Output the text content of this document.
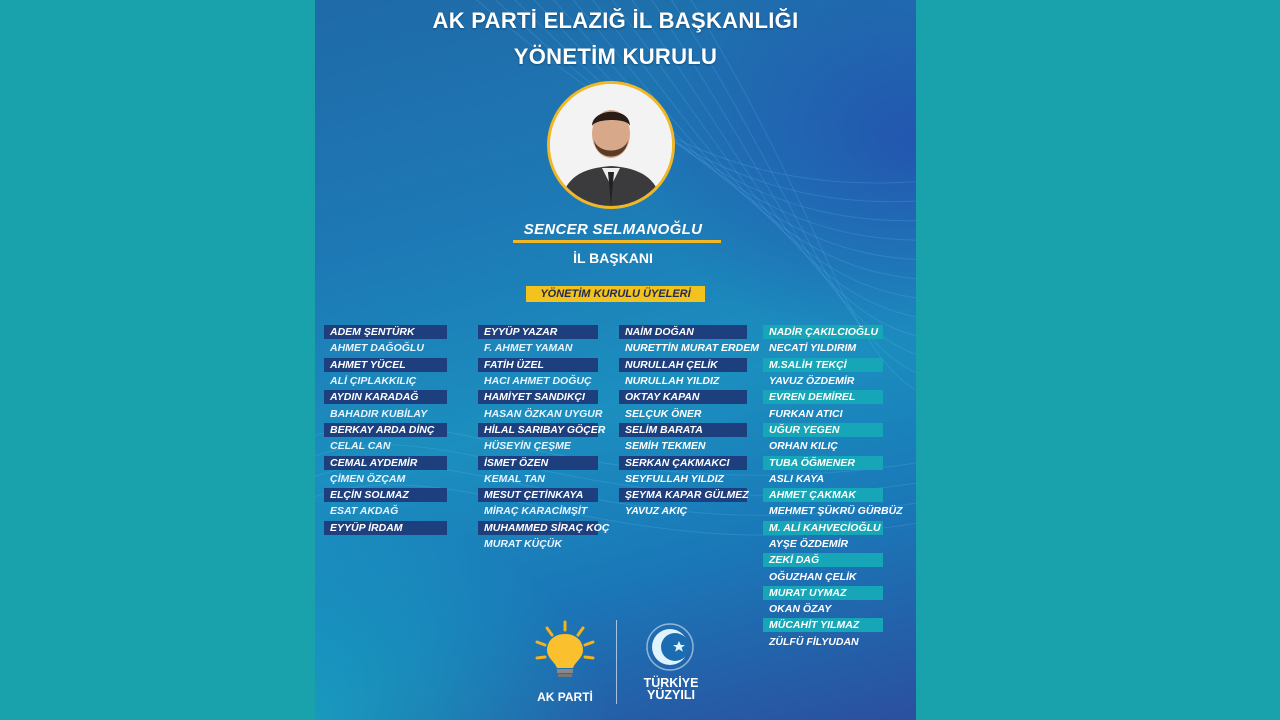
AK PARTİ ELAZIĞ İL BAŞKANLIĞI
YÖNETİM KURULU
SENCER SELMANOĞLU
İL BAŞKANI
YÖNETİM KURULU ÜYELERİ
ADEM ŞENTÜRK
AHMET DAĞOĞLU
AHMET YÜCEL
ALİ ÇIPLAKKILIÇ
AYDIN KARADAĞ
BAHADIR KUBİLAY
BERKAY ARDA DİNÇ
CELAL CAN
CEMAL AYDEMİR
ÇİMEN ÖZÇAM
ELÇİN SOLMAZ
ESAT AKDAĞ
EYYÜP İRDAM
EYYÜP YAZAR
F. AHMET YAMAN
FATİH ÜZEL
HACI AHMET DOĞUÇ
HAMİYET SANDIKÇI
HASAN ÖZKAN UYGUR
HİLAL SARIBAY GÖÇER
HÜSEYİN ÇEŞME
İSMET ÖZEN
KEMAL TAN
MESUT ÇETİNKAYA
MİRAÇ KARACİMŞİT
MUHAMMED SİRAÇ KOÇ
MURAT KÜÇÜK
NAİM DOĞAN
NURETTİN MURAT ERDEM
NURULLAH ÇELİK
NURULLAH YILDIZ
OKTAY KAPAN
SELÇUK ÖNER
SELİM BARATA
SEMİH TEKMEN
SERKAN ÇAKMAKCI
SEYFULLAH YILDIZ
ŞEYMA KAPAR GÜLMEZ
YAVUZ AKIÇ
NADİR ÇAKILCIOĞLU
NECATİ YILDIRIM
M.SALİH TEKÇİ
YAVUZ ÖZDEMİR
EVREN DEMİREL
FURKAN ATICI
UĞUR YEGEN
ORHAN KILIÇ
TUBA ÖĞMENER
ASLI KAYA
AHMET ÇAKMAK
MEHMET ŞÜKRÜ GÜRBÜZ
M. ALİ KAHVECİOĞLU
AYŞE ÖZDEMİR
ZEKİ DAĞ
OĞUZHAN ÇELİK
MURAT UYMAZ
OKAN ÖZAY
MÜCAHİT YILMAZ
ZÜLFÜ FİLYUDAN
AK PARTİ
TÜRKİYE
YÜZYILI
